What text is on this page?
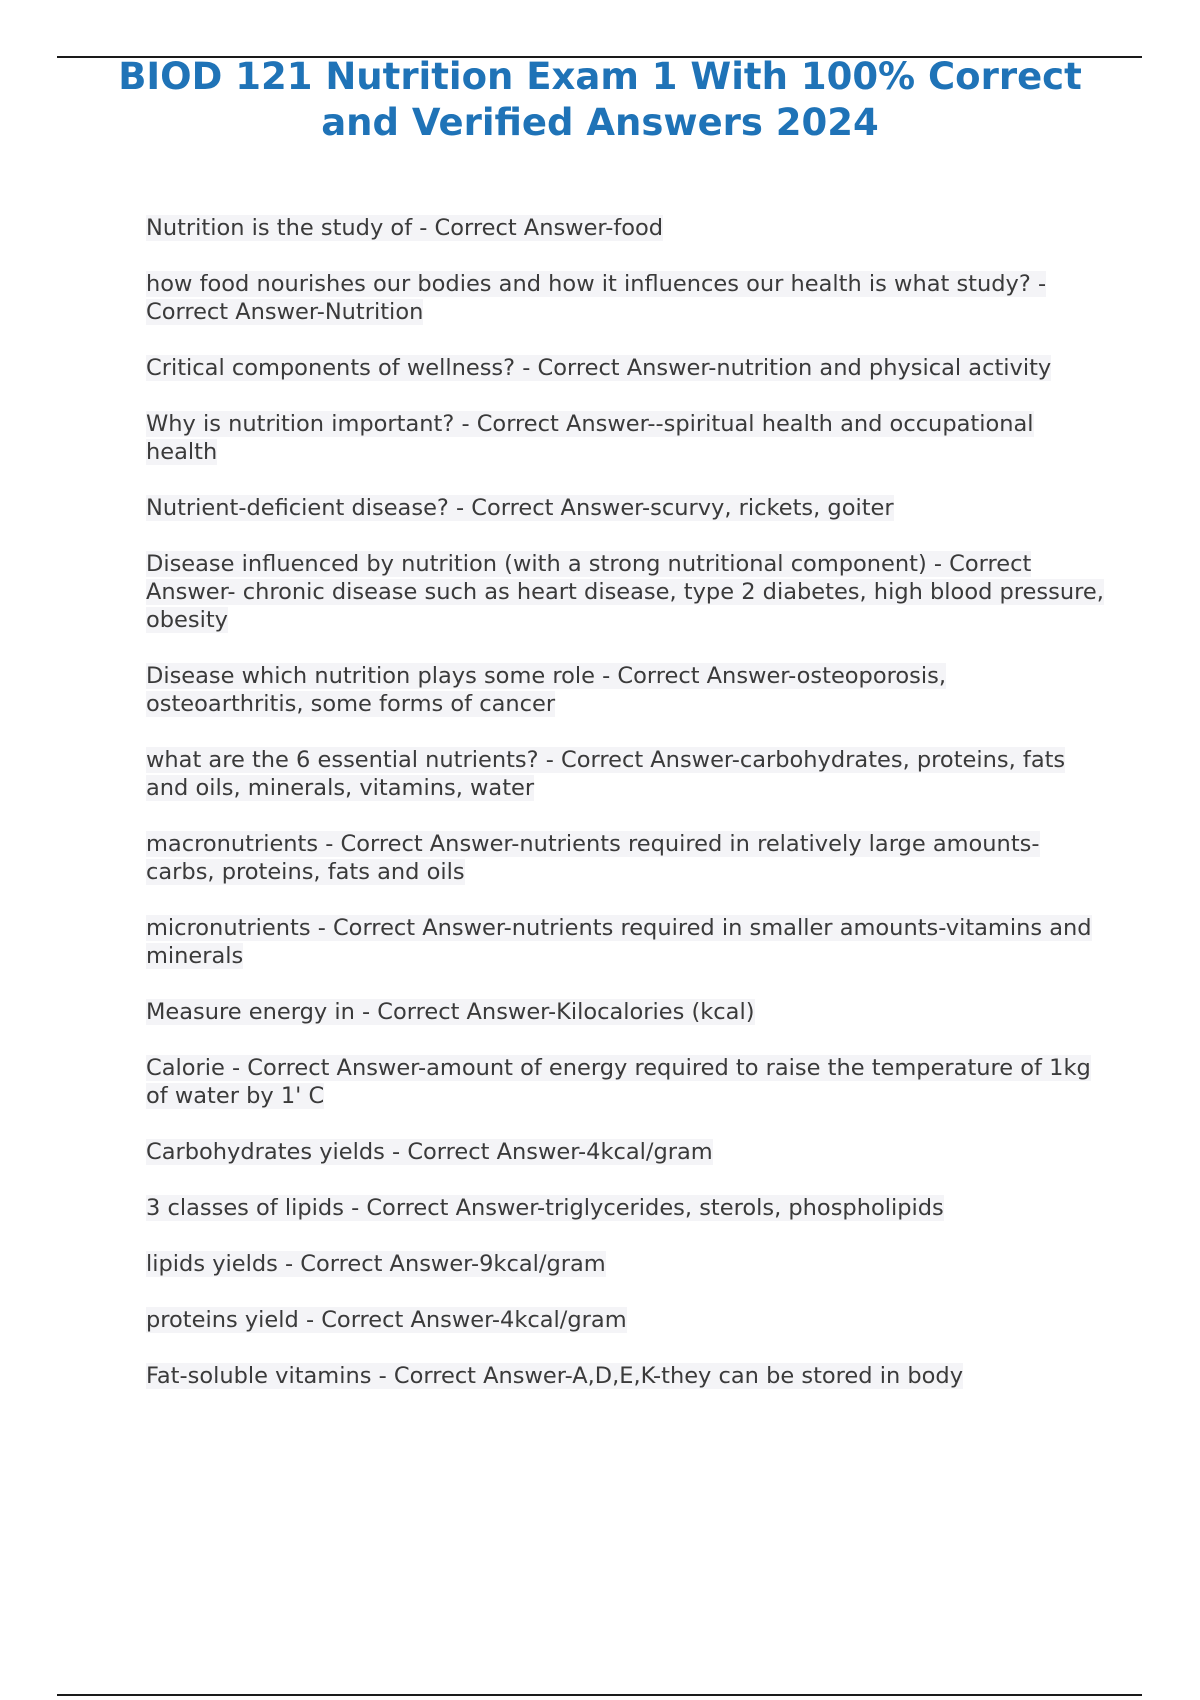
BIOD 121 Nutrition Exam 1 With 100% Correct and Verified Answers 2024
Nutrition is the study of - Correct Answer-food
how food nourishes our bodies and how it influences our health is what study? - Correct Answer-Nutrition
Critical components of wellness? - Correct Answer-nutrition and physical activity
Why is nutrition important? - Correct Answer--spiritual health and occupational health
Nutrient-deficient disease? - Correct Answer-scurvy, rickets, goiter
Disease influenced by nutrition (with a strong nutritional component) - Correct Answer- chronic disease such as heart disease, type 2 diabetes, high blood pressure, obesity
Disease which nutrition plays some role - Correct Answer-osteoporosis, osteoarthritis, some forms of cancer
what are the 6 essential nutrients? - Correct Answer-carbohydrates, proteins, fats and oils, minerals, vitamins, water
macronutrients - Correct Answer-nutrients required in relatively large amounts-carbs, proteins, fats and oils
micronutrients - Correct Answer-nutrients required in smaller amounts-vitamins and minerals
Measure energy in - Correct Answer-Kilocalories (kcal)
Calorie - Correct Answer-amount of energy required to raise the temperature of 1kg of water by 1' C
Carbohydrates yields - Correct Answer-4kcal/gram
3 classes of lipids - Correct Answer-triglycerides, sterols, phospholipids
lipids yields - Correct Answer-9kcal/gram
proteins yield - Correct Answer-4kcal/gram
Fat-soluble vitamins - Correct Answer-A,D,E,K-they can be stored in body
